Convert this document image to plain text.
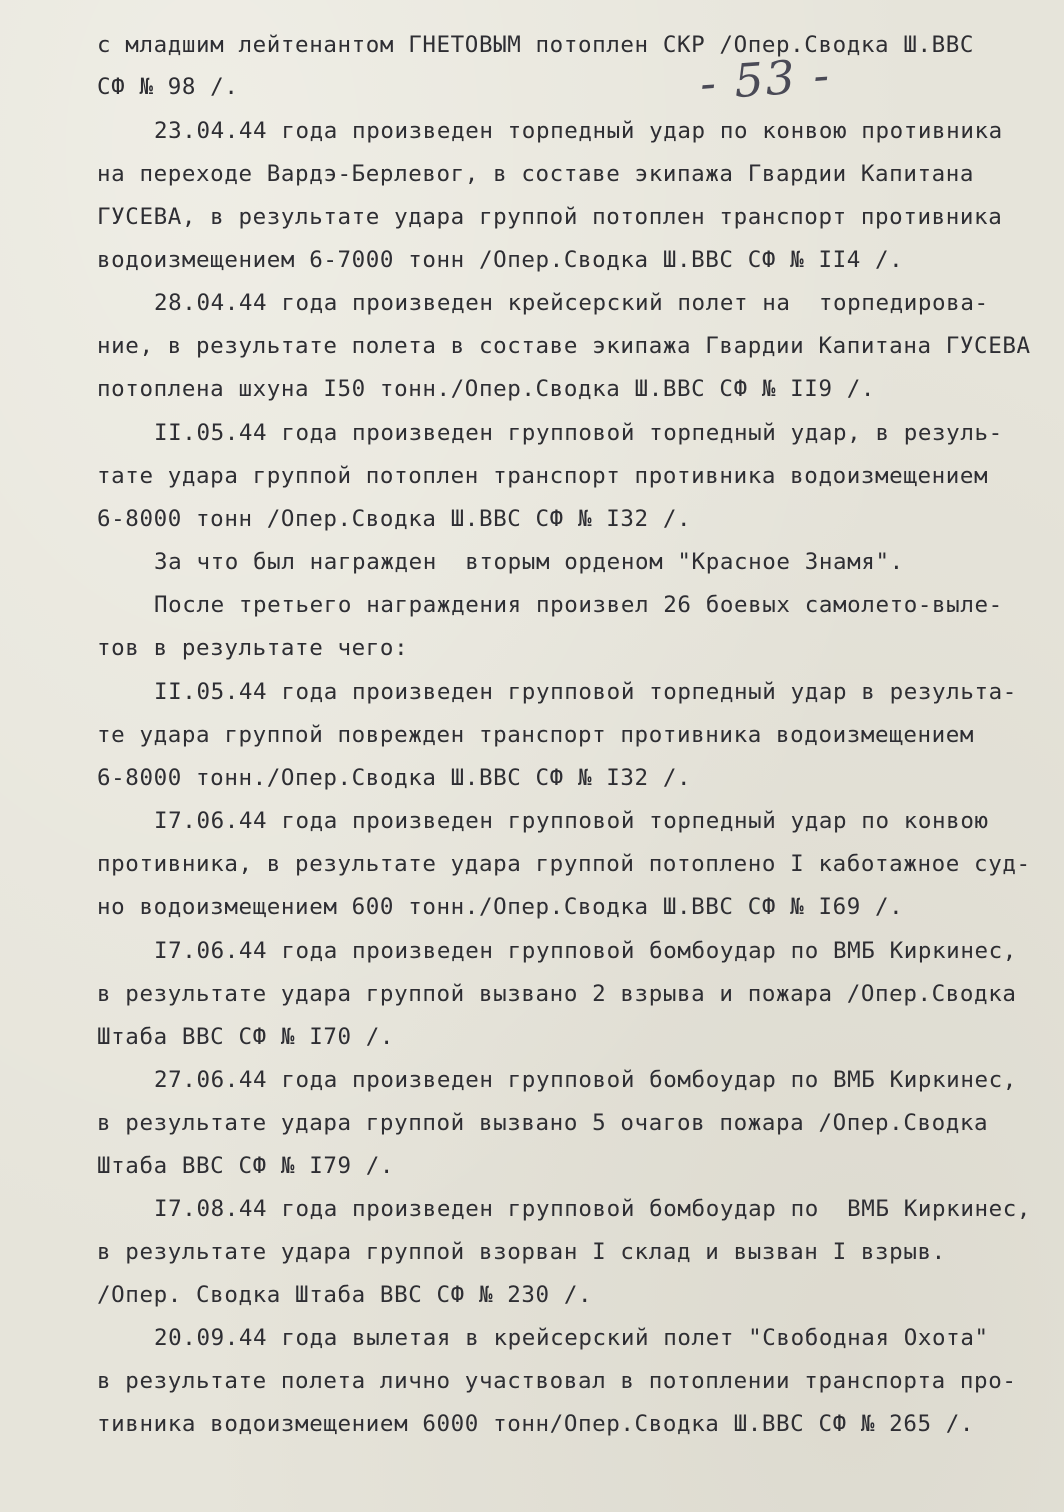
- 53 -

с младшим лейтенантом ГНЕТОВЫМ потоплен СКР /Опер.Сводка Ш.ВВС

СФ № 98 /.

23.04.44 года произведен торпедный удар по конвою противника

на переходе Вардэ-Берлевог, в составе экипажа Гвардии Капитана

ГУСЕВА, в результате удара группой потоплен транспорт противника

водоизмещением 6-7000 тонн /Опер.Сводка Ш.ВВС СФ № II4 /.

28.04.44 года произведен крейсерский полет на  торпедирова-

ние, в результате полета в составе экипажа Гвардии Капитана ГУСЕВА

потоплена шхуна I50 тонн./Опер.Сводка Ш.ВВС СФ № II9 /.

II.05.44 года произведен групповой торпедный удар, в резуль-

тате удара группой потоплен транспорт противника водоизмещением

6-8000 тонн /Опер.Сводка Ш.ВВС СФ № I32 /.

За что был награжден  вторым орденом "Красное Знамя".

После третьего награждения произвел 26 боевых самолето-выле-

тов в результате чего:

II.05.44 года произведен групповой торпедный удар в результа-

те удара группой поврежден транспорт противника водоизмещением

6-8000 тонн./Опер.Сводка Ш.ВВС СФ № I32 /.

I7.06.44 года произведен групповой торпедный удар по конвою

противника, в результате удара группой потоплено I каботажное суд-

но водоизмещением 600 тонн./Опер.Сводка Ш.ВВС СФ № I69 /.

I7.06.44 года произведен групповой бомбоудар по ВМБ Киркинес,

в результате удара группой вызвано 2 взрыва и пожара /Опер.Сводка

Штаба ВВС СФ № I70 /.

27.06.44 года произведен групповой бомбоудар по ВМБ Киркинес,

в результате удара группой вызвано 5 очагов пожара /Опер.Сводка

Штаба ВВС СФ № I79 /.

I7.08.44 года произведен групповой бомбоудар по  ВМБ Киркинес,

в результате удара группой взорван I склад и вызван I взрыв.

/Опер. Сводка Штаба ВВС СФ № 230 /.

20.09.44 года вылетая в крейсерский полет "Свободная Охота"

в результате полета лично участвовал в потоплении транспорта про-

тивника водоизмещением 6000 тонн/Опер.Сводка Ш.ВВС СФ № 265 /.
